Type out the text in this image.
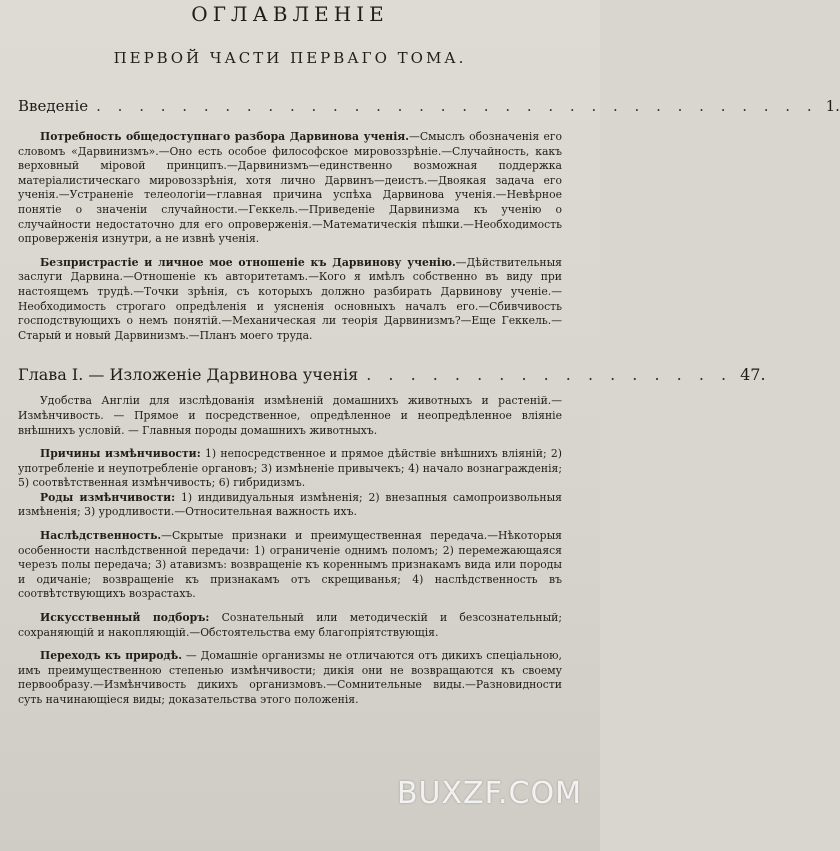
ОГЛАВЛЕНIЕ
ПЕРВОЙ ЧАСТИ ПЕРВАГО ТОМА.
Введенiе . . . . . . . . . . . . . . . . . . . . . . . . . . . . . . . . . . 1.

Потребность общедоступнаго разбора Дарвинова ученiя.—Смыслъ обозначенiя его словомъ «Дарвинизмъ».—Оно есть особое философское мировоззрѣнiе.—Случайность, какъ верховный мiровой принципъ.—Дарвинизмъ—единственно возможная поддержка матерiалистическаго мировоззрѣнiя, хотя лично Дарвинъ—деистъ.—Двоякая задача его ученiя.—Устраненiе телеологiи—главная причина успѣха Дарвинова ученiя.—Невѣрное понятiе о значенiи случайности.—Геккель.—Приведенiе Дарвинизма къ ученiю о случайности недостаточно для его опроверженiя.—Математическiя пѣшки.—Необходимость опроверженiя изнутри, а не извнѣ ученiя.

Безпристрастiе и личное мое отношенiе къ Дарвинову ученiю.—Дѣйствительныя заслуги Дарвина.—Отношенiе къ авторитетамъ.—Кого я имѣлъ собственно въ виду при настоящемъ трудѣ.—Точки зрѣнiя, съ которыхъ должно разбирать Дарвинову ученiе.—Необходимость строгаго опредѣленiя и уясненiя основныхъ началъ его.—Сбивчивость господствующихъ о немъ понятiй.—Механическая ли теорiя Дарвинизмъ?—Еще Геккель.—Старый и новый Дарвинизмъ.—Планъ моего труда.

Глава I. — Изложенiе Дарвинова ученiя . . . . . . . . . . . . . . . . . 47.

Удобства Англiи для изслѣдованiя измѣненiй домашнихъ животныхъ и растенiй.—Измѣнчивость. — Прямое и посредственное, опредѣленное и неопредѣленное влiянiе внѣшнихъ условiй. — Главныя породы домашнихъ животныхъ.

Причины измѣнчивости: 1) непосредственное и прямое дѣйствiе внѣшнихъ влiянiй; 2) употребленiе и неупотребленiе органовъ; 3) измѣненiе привычекъ; 4) начало вознагражденiя; 5) соотвѣтственная измѣнчивость; 6) гибридизмъ.

Роды измѣнчивости: 1) индивидуальныя измѣненiя; 2) внезапныя самопроизвольныя измѣненiя; 3) уродливости.—Относительная важность ихъ.

Наслѣдственность.—Скрытые признаки и преимущественная передача.—Нѣкоторыя особенности наслѣдственной передачи: 1) ограниченiе однимъ поломъ; 2) перемежающаяся черезъ полы передача; 3) атавизмъ: возвращенiе къ кореннымъ признакамъ вида или породы и одичанiе; возвращенiе къ признакамъ отъ скрещиванья; 4) наслѣдственность въ соотвѣтствующихъ возрастахъ.

Искусственный подборъ: Сознательный или методическiй и безсознательный; сохраняющiй и накопляющiй.—Обстоятельства ему благопрiятствующiя.

Переходъ къ природѣ. — Домашнiе организмы не отличаются отъ дикихъ спецiальною, имъ преимущественною степенью измѣнчивости; дикiя они не возвращаются къ своему первообразу.—Измѣнчивость дикихъ организмовъ.—Сомнительные виды.—Разновидности суть начинающiеся виды; доказательства этого положенiя.

BUXZF.COM
